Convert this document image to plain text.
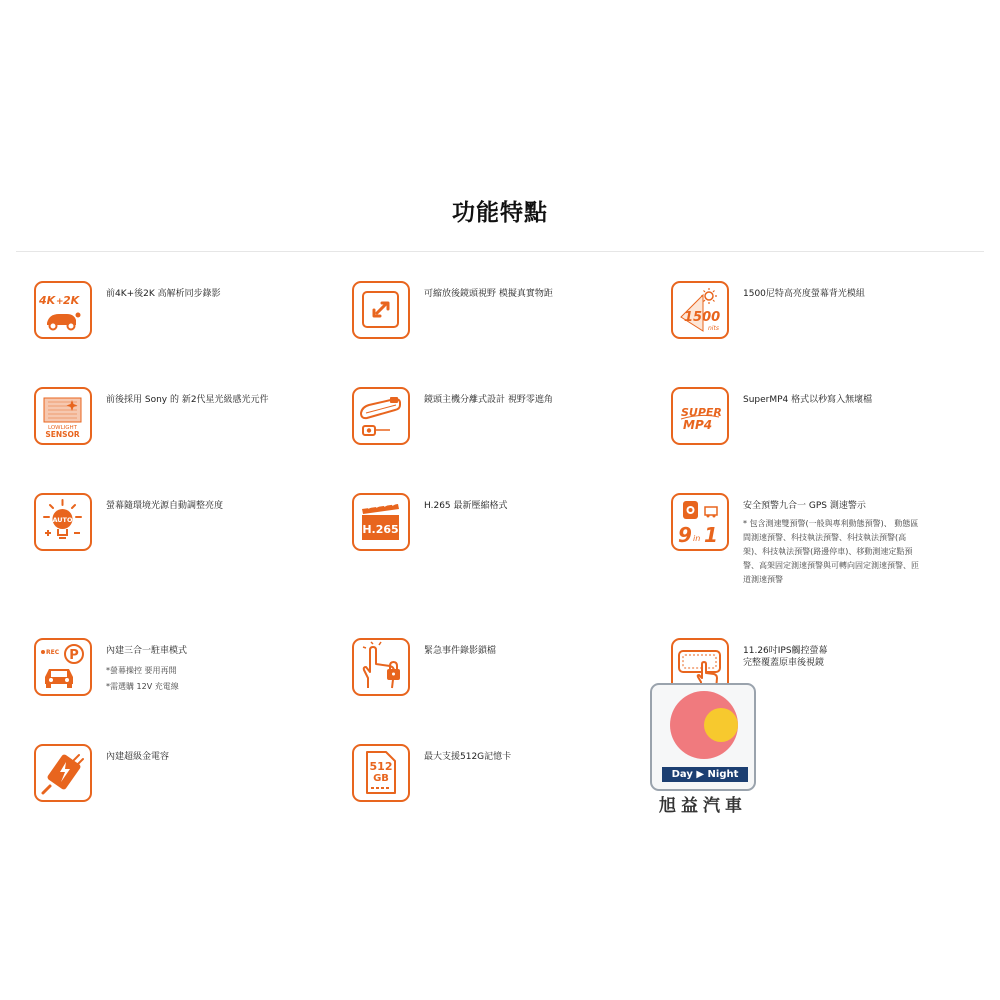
功能特點
4K + 2K	前4K+後2K 高解析同步錄影	可縮放後鏡頭視野 模擬真實物距
1500
nits
1500尼特高亮度螢幕背光模組
LOWLIGHT
SENSOR
前後採用 Sony 的 新2代星光級感光元件	鏡頭主機分離式設計 視野零遮角
SUPER
MP4
SuperMP4 格式以秒寫入無壞檔
AUTO
螢幕隨環境光源自動調整亮度
H.265
H.265 最新壓縮格式
9 in 1
安全預警九合一 GPS 測速警示
* 包含測速雙預警(一般與專利動態預警)、 動態區
間測速預警、科技執法預警、科技執法預警(高
架)、科技執法預警(路邊停車)、移動測速定點預
警、高架固定測速預警與可轉向固定測速預警、匝
道測速預警
REC P	內建三合一駐車模式
*螢幕操控 要用再開
*需選購 12V 充電線
緊急事件錄影鎖檔	11.26吋IPS觸控螢幕
完整覆蓋原車後視鏡
內建超級金電容
512
GB
最大支援512G記憶卡
Day ▶ Night
旭益汽車
